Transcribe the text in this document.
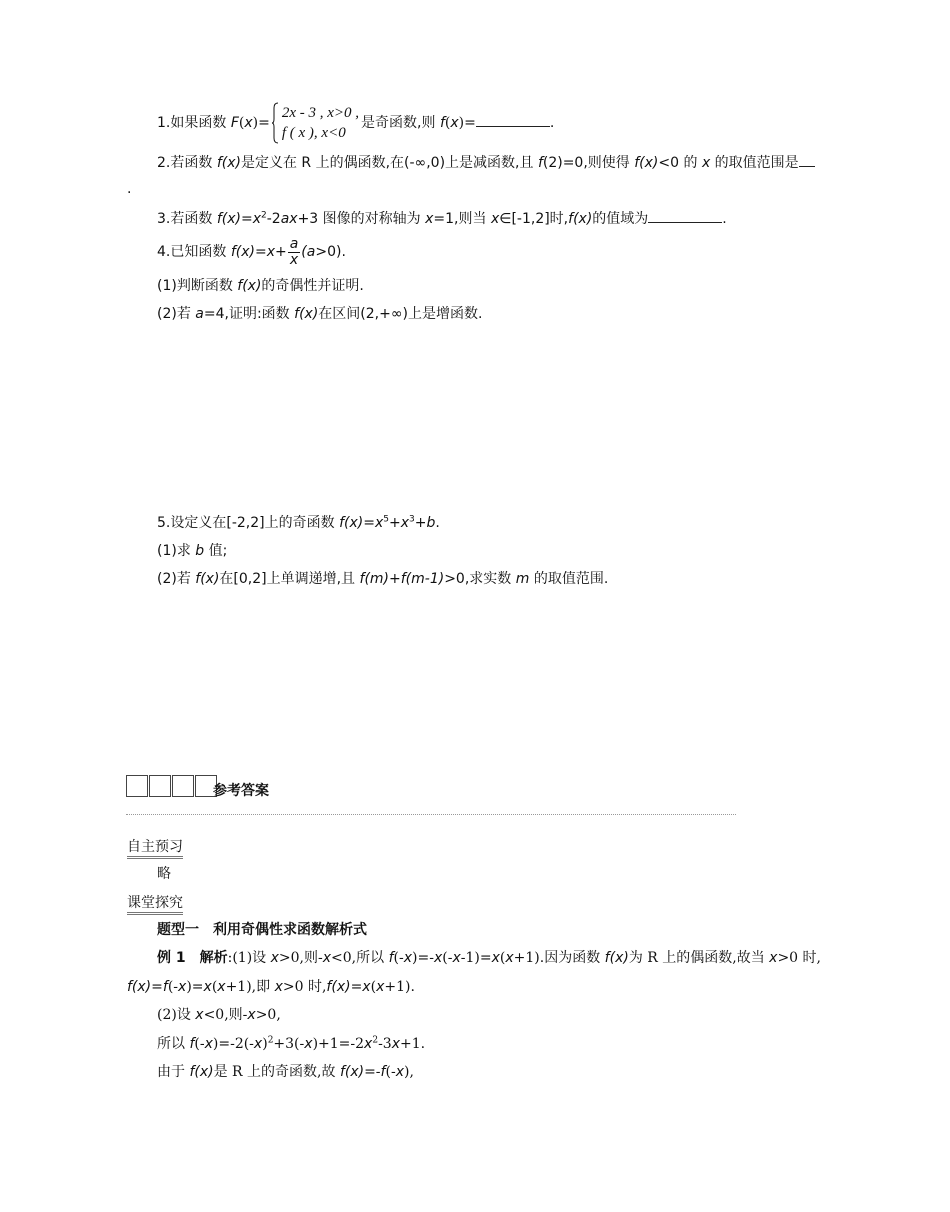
1.如果函数 F(x)=
2x - 3 , x>0 ,
f ( x ), x<0
是奇函数,则 f(x)=	.
2.若函数 f(x)是定义在 R 上的偶函数,在(-∞,0)上是减函数,且 f(2)=0,则使得 f(x)<0 的 x 的取值范围是
.
3.若函数 $f(x)=x^2-2ax+3$ 图像的对称轴为 x=1,则当 x∈[-1,2]时,f(x)的值域为	.
4.已知函数 $f(x)=x+ \frac{a}{x} (a>0)$.
(1)判断函数 f(x)的奇偶性并证明.
(2)若 a=4,证明:函数 f(x)在区间(2,+∞)上是增函数.
5.设定义在[-2,2]上的奇函数 $f(x)=x^5+x^3+b$.
(1)求 b 值;
(2)若 f(x)在[0,2]上单调递增,且 f(m)+f(m-1)>0,求实数 m 的取值范围.
参考答案
自主预习
略
课堂探究
题型一　利用奇偶性求函数解析式
例 1　解析:(1)设 x>0,则-x<0,所以 f(-x)=-x(-x-1)=x(x+1).因为函数 f(x)为 R 上的偶函数,故当 x>0 时,
f(x)=f(-x)=x(x+1),即 x>0 时,f(x)=x(x+1).
(2)设 x<0,则-x>0,
所以 $f(-x)=-2(-x)^2+3(-x)+1=-2x^2-3x+1$.
由于 f(x)是 R 上的奇函数,故 f(x)=-f(-x),
